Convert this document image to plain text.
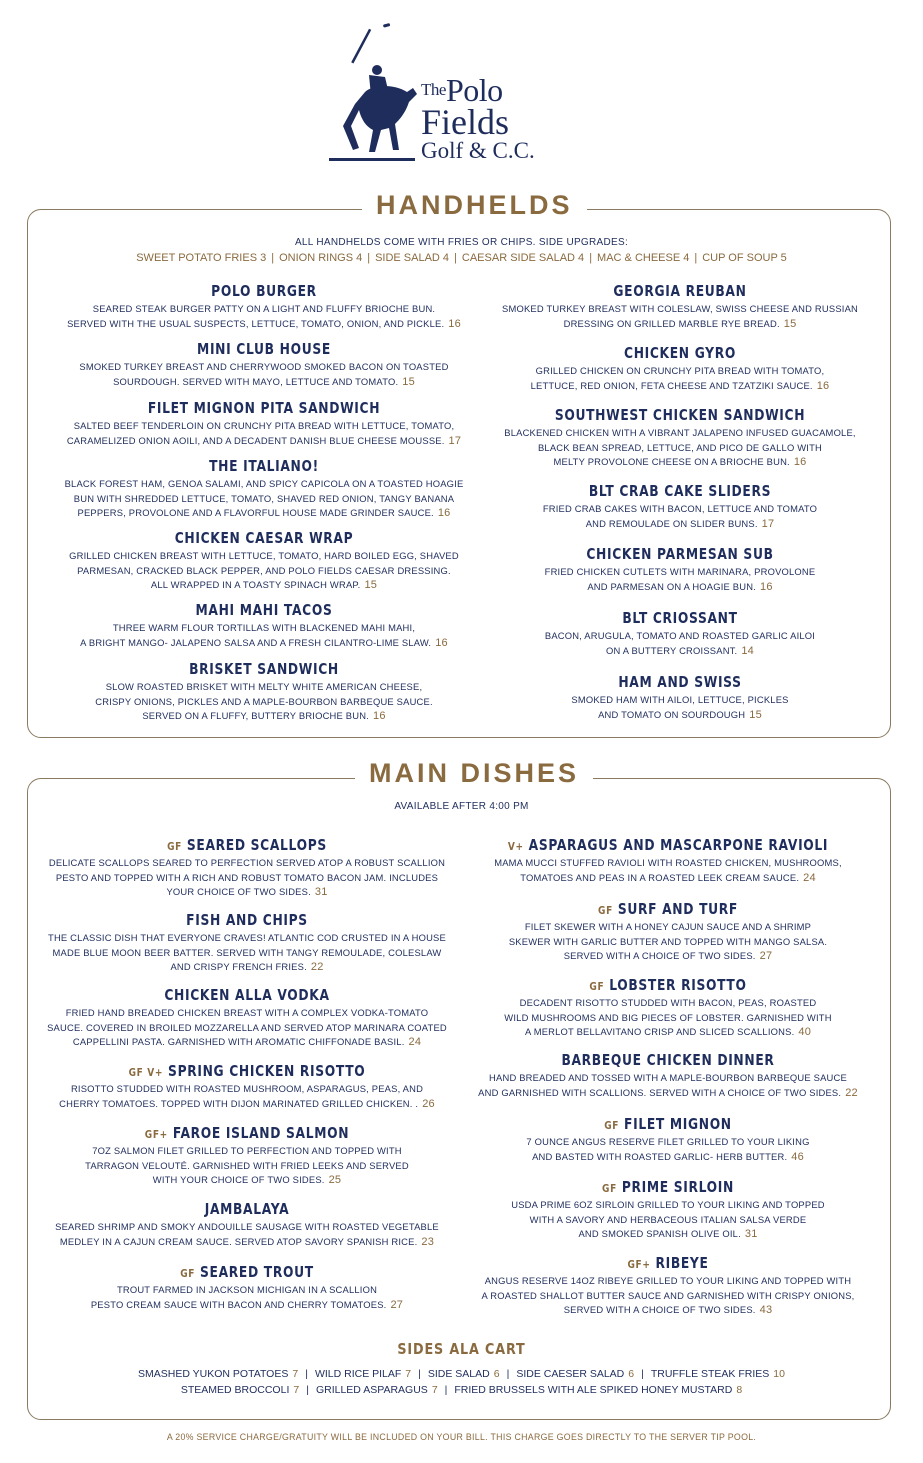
ThePolo
Fields
Golf & C.C.
HANDHELDS
ALL HANDHELDS COME WITH FRIES OR CHIPS. SIDE UPGRADES:
SWEET POTATO FRIES 3 | ONION RINGS 4 | SIDE SALAD 4 | CAESAR SIDE SALAD 4 | MAC & CHEESE 4 | CUP OF SOUP 5
POLO BURGER
SEARED STEAK BURGER PATTY ON A LIGHT AND FLUFFY BRIOCHE BUN.
SERVED WITH THE USUAL SUSPECTS, LETTUCE, TOMATO, ONION, AND PICKLE. 16
MINI CLUB HOUSE
SMOKED TURKEY BREAST AND CHERRYWOOD SMOKED BACON ON TOASTED
SOURDOUGH. SERVED WITH MAYO, LETTUCE AND TOMATO. 15
FILET MIGNON PITA SANDWICH
SALTED BEEF TENDERLOIN ON CRUNCHY PITA BREAD WITH LETTUCE, TOMATO,
CARAMELIZED ONION AOILI, AND A DECADENT DANISH BLUE CHEESE MOUSSE. 17
THE ITALIANO!
BLACK FOREST HAM, GENOA SALAMI, AND SPICY CAPICOLA ON A TOASTED HOAGIE
BUN WITH SHREDDED LETTUCE, TOMATO, SHAVED RED ONION, TANGY BANANA
PEPPERS, PROVOLONE AND A FLAVORFUL HOUSE MADE GRINDER SAUCE. 16
CHICKEN CAESAR WRAP
GRILLED CHICKEN BREAST WITH LETTUCE, TOMATO, HARD BOILED EGG, SHAVED
PARMESAN, CRACKED BLACK PEPPER, AND POLO FIELDS CAESAR DRESSING.
ALL WRAPPED IN A TOASTY SPINACH WRAP. 15
MAHI MAHI TACOS
THREE WARM FLOUR TORTILLAS WITH BLACKENED MAHI MAHI,
A BRIGHT MANGO- JALAPENO SALSA AND A FRESH CILANTRO-LIME SLAW. 16
BRISKET SANDWICH
SLOW ROASTED BRISKET WITH MELTY WHITE AMERICAN CHEESE,
CRISPY ONIONS, PICKLES AND A MAPLE-BOURBON BARBEQUE SAUCE.
SERVED ON A FLUFFY, BUTTERY BRIOCHE BUN. 16
GEORGIA REUBAN
SMOKED TURKEY BREAST WITH COLESLAW, SWISS CHEESE AND RUSSIAN
DRESSING ON GRILLED MARBLE RYE BREAD. 15
CHICKEN GYRO
GRILLED CHICKEN ON CRUNCHY PITA BREAD WITH TOMATO,
LETTUCE, RED ONION, FETA CHEESE AND TZATZIKI SAUCE. 16
SOUTHWEST CHICKEN SANDWICH
BLACKENED CHICKEN WITH A VIBRANT JALAPENO INFUSED GUACAMOLE,
BLACK BEAN SPREAD, LETTUCE, AND PICO DE GALLO WITH
MELTY PROVOLONE CHEESE ON A BRIOCHE BUN. 16
BLT CRAB CAKE SLIDERS
FRIED CRAB CAKES WITH BACON, LETTUCE AND TOMATO
AND REMOULADE ON SLIDER BUNS. 17
CHICKEN PARMESAN SUB
FRIED CHICKEN CUTLETS WITH MARINARA, PROVOLONE
AND PARMESAN ON A HOAGIE BUN. 16
BLT CRIOSSANT
BACON, ARUGULA, TOMATO AND ROASTED GARLIC AILOI
ON A BUTTERY CROISSANT. 14
HAM AND SWISS
SMOKED HAM WITH AILOI, LETTUCE, PICKLES
AND TOMATO ON SOURDOUGH 15
MAIN DISHES
AVAILABLE AFTER 4:00 PM
GF SEARED SCALLOPS
DELICATE SCALLOPS SEARED TO PERFECTION SERVED ATOP A ROBUST SCALLION
PESTO AND TOPPED WITH A RICH AND ROBUST TOMATO BACON JAM. INCLUDES
YOUR CHOICE OF TWO SIDES. 31
FISH AND CHIPS
THE CLASSIC DISH THAT EVERYONE CRAVES! ATLANTIC COD CRUSTED IN A HOUSE
MADE BLUE MOON BEER BATTER. SERVED WITH TANGY REMOULADE, COLESLAW
AND CRISPY FRENCH FRIES. 22
CHICKEN ALLA VODKA
FRIED HAND BREADED CHICKEN BREAST WITH A COMPLEX VODKA-TOMATO
SAUCE. COVERED IN BROILED MOZZARELLA AND SERVED ATOP MARINARA COATED
CAPPELLINI PASTA. GARNISHED WITH AROMATIC CHIFFONADE BASIL. 24
GF V+ SPRING CHICKEN RISOTTO
RISOTTO STUDDED WITH ROASTED MUSHROOM, ASPARAGUS, PEAS, AND
CHERRY TOMATOES. TOPPED WITH DIJON MARINATED GRILLED CHICKEN. . 26
GF+ FAROE ISLAND SALMON
7OZ SALMON FILET GRILLED TO PERFECTION AND TOPPED WITH
TARRAGON VELOUTÉ. GARNISHED WITH FRIED LEEKS AND SERVED
WITH YOUR CHOICE OF TWO SIDES. 25
JAMBALAYA
SEARED SHRIMP AND SMOKY ANDOUILLE SAUSAGE WITH ROASTED VEGETABLE
MEDLEY IN A CAJUN CREAM SAUCE. SERVED ATOP SAVORY SPANISH RICE. 23
GF SEARED TROUT
TROUT FARMED IN JACKSON MICHIGAN IN A SCALLION
PESTO CREAM SAUCE WITH BACON AND CHERRY TOMATOES. 27
V+ ASPARAGUS AND MASCARPONE RAVIOLI
MAMA MUCCI STUFFED RAVIOLI WITH ROASTED CHICKEN, MUSHROOMS,
TOMATOES AND PEAS IN A ROASTED LEEK CREAM SAUCE. 24
GF SURF AND TURF
FILET SKEWER WITH A HONEY CAJUN SAUCE AND A SHRIMP
SKEWER WITH GARLIC BUTTER AND TOPPED WITH MANGO SALSA.
SERVED WITH A CHOICE OF TWO SIDES. 27
GF LOBSTER RISOTTO
DECADENT RISOTTO STUDDED WITH BACON, PEAS, ROASTED
WILD MUSHROOMS AND BIG PIECES OF LOBSTER. GARNISHED WITH
A MERLOT BELLAVITANO CRISP AND SLICED SCALLIONS. 40
BARBEQUE CHICKEN DINNER
HAND BREADED AND TOSSED WITH A MAPLE-BOURBON BARBEQUE SAUCE
AND GARNISHED WITH SCALLIONS. SERVED WITH A CHOICE OF TWO SIDES. 22
GF FILET MIGNON
7 OUNCE ANGUS RESERVE FILET GRILLED TO YOUR LIKING
AND BASTED WITH ROASTED GARLIC- HERB BUTTER. 46
GF PRIME SIRLOIN
USDA PRIME 6OZ SIRLOIN GRILLED TO YOUR LIKING AND TOPPED
WITH A SAVORY AND HERBACEOUS ITALIAN SALSA VERDE
AND SMOKED SPANISH OLIVE OIL. 31
GF+ RIBEYE
ANGUS RESERVE 14OZ RIBEYE GRILLED TO YOUR LIKING AND TOPPED WITH
A ROASTED SHALLOT BUTTER SAUCE AND GARNISHED WITH CRISPY ONIONS,
SERVED WITH A CHOICE OF TWO SIDES. 43
SIDES ALA CART
SMASHED YUKON POTATOES 7 | WILD RICE PILAF 7 | SIDE SALAD 6 | SIDE CAESER SALAD 6 | TRUFFLE STEAK FRIES 10
STEAMED BROCCOLI 7 | GRILLED ASPARAGUS 7 | FRIED BRUSSELS WITH ALE SPIKED HONEY MUSTARD 8
A 20% SERVICE CHARGE/GRATUITY WILL BE INCLUDED ON YOUR BILL. THIS CHARGE GOES DIRECTLY TO THE SERVER TIP POOL.
